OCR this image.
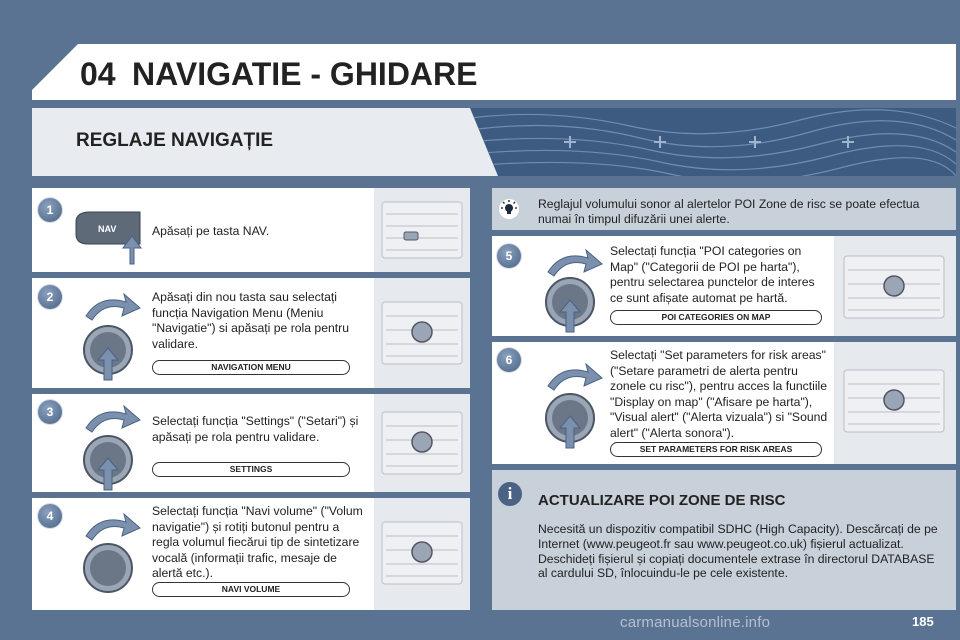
04 NAVIGATIE - GHIDARE
REGLAJE NAVIGAȚIE
NAV	Apăsați pe tasta NAV.
1
Apăsați din nou tasta sau selectați funcția Navigation Menu (Meniu "Navigatie") si apăsați pe rola pentru validare.
NAVIGATION MENU
2
Selectați funcția "Settings" ("Setari") și apăsați pe rola pentru validare.
SETTINGS
3
Selectați funcția "Navi volume" ("Volum navigatie") și rotiți butonul pentru a regla volumul fiecărui tip de sintetizare vocală (informații trafic, mesaje de alertă etc.).
NAVI VOLUME
4
Reglajul volumului sonor al alertelor POI Zone de risc se poate efectua numai în timpul difuzării unei alerte.
Selectați funcția "POI categories on Map" ("Categorii de POI pe harta"), pentru selectarea punctelor de interes ce sunt afișate automat pe hartă.
POI CATEGORIES ON MAP
5
Selectați "Set parameters for risk areas" ("Setare parametri de alerta pentru zonele cu risc"), pentru acces la functiile "Display on map" ("Afisare pe harta"), "Visual alert" ("Alerta vizuala") si "Sound alert" ("Alerta sonora").
SET PARAMETERS FOR RISK AREAS
6
i	ACTUALIZARE POI ZONE DE RISC
Necesită un dispozitiv compatibil SDHC (High Capacity). Descărcați de pe Internet (www.peugeot.fr sau www.peugeot.co.uk) fișierul actualizat. Deschideți fișierul și copiați documentele extrase în directorul DATABASE al cardului SD, înlocuindu-le pe cele existente.
carmanualsonline.info	185
